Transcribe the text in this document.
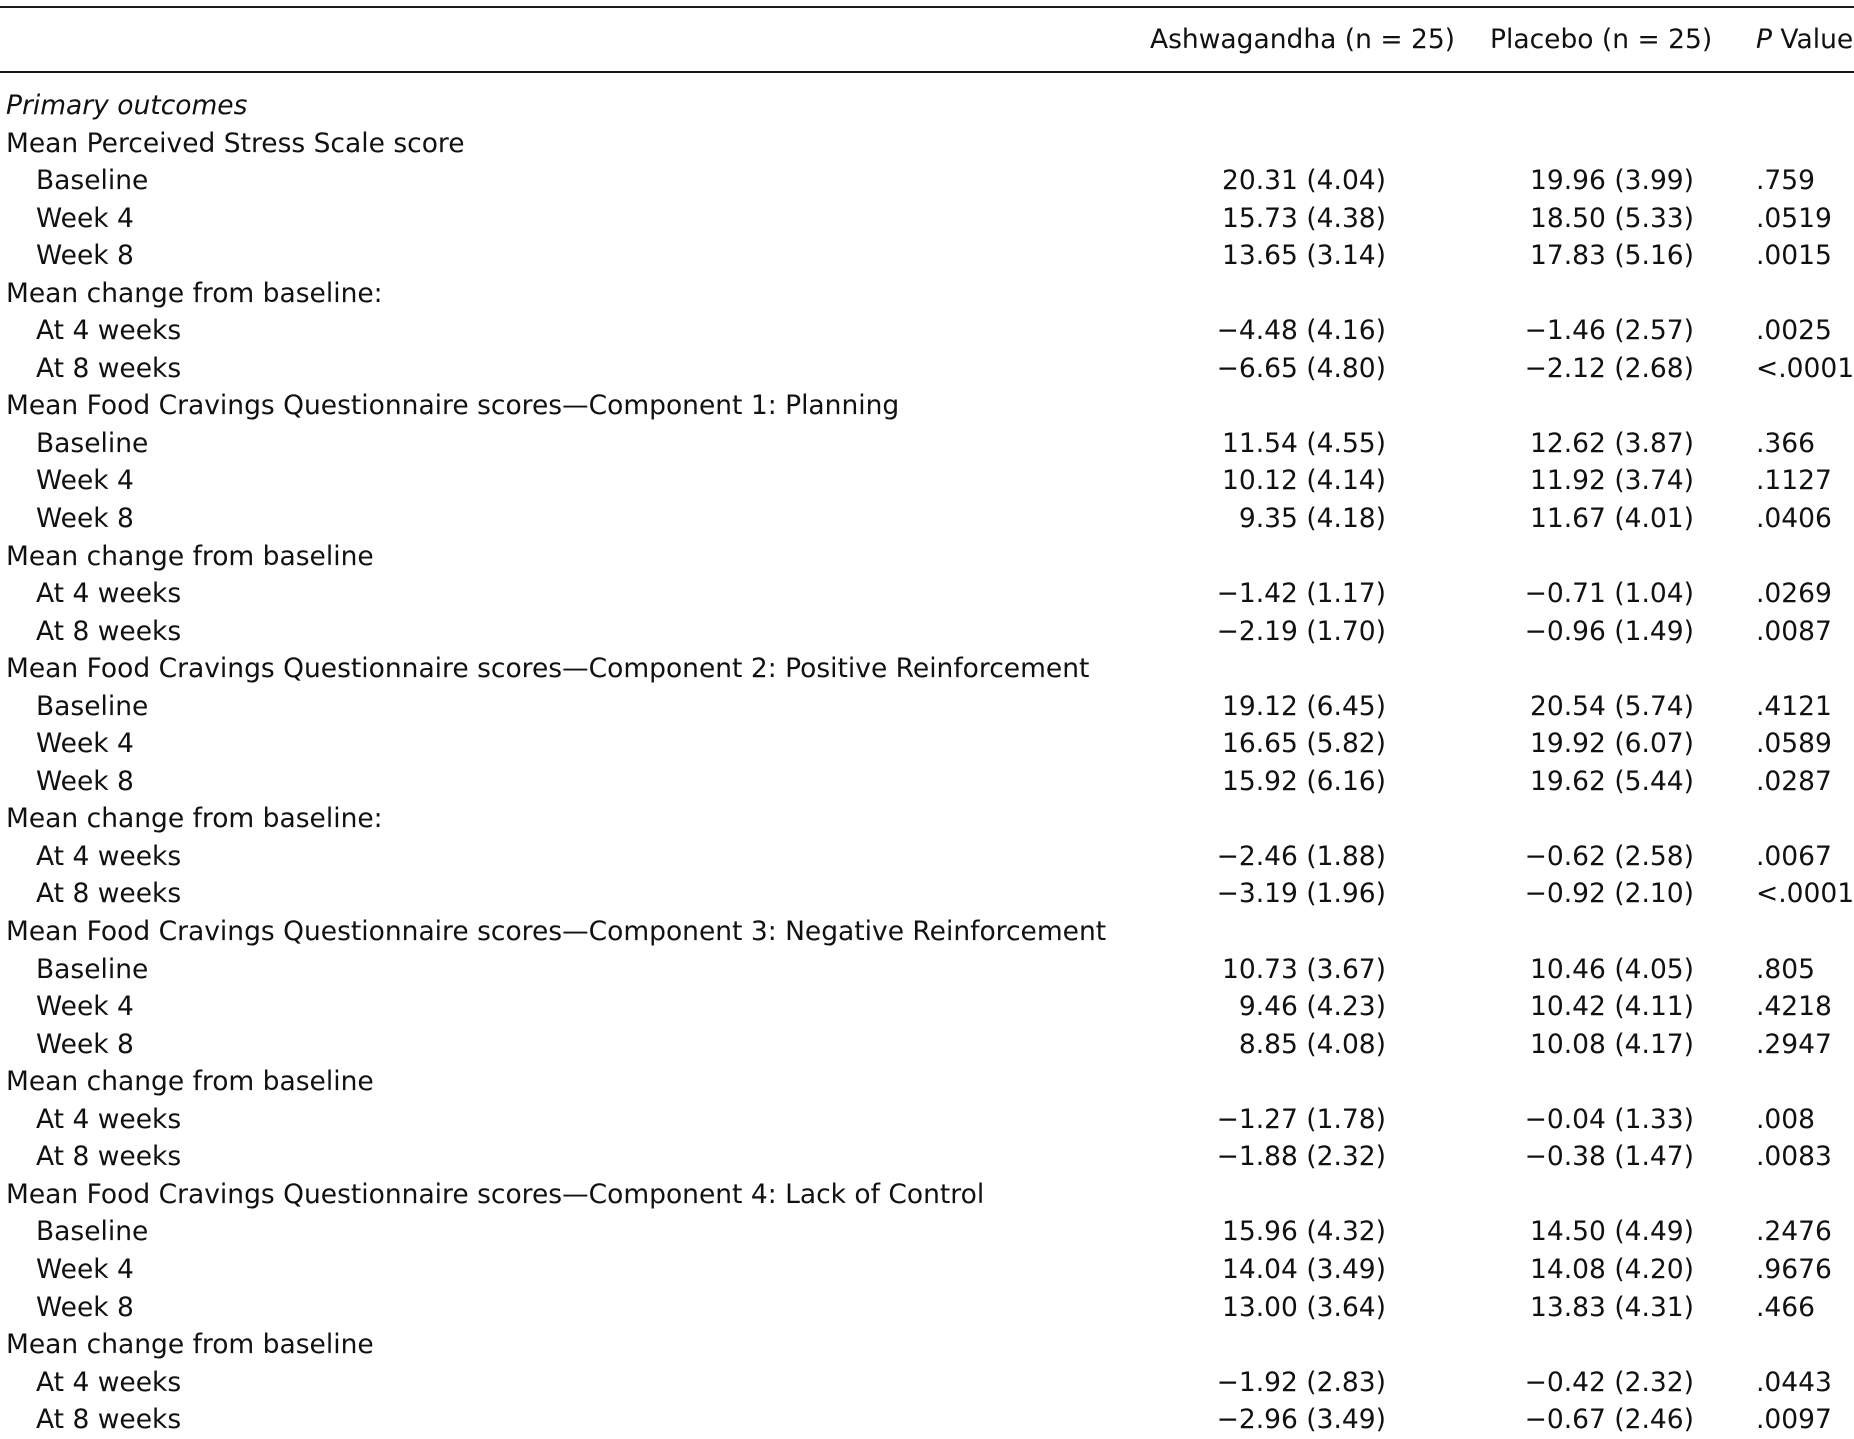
Ashwagandha (n = 25) Placebo (n = 25) P Value
Primary outcomes
Mean Perceived Stress Scale score
Baseline	20.31 (4.04)	19.96 (3.99) .759
Week 4	15.73 (4.38)	18.50 (5.33) .0519
Week 8	13.65 (3.14)	17.83 (5.16) .0015
Mean change from baseline:
At 4 weeks	−4.48 (4.16)	−1.46 (2.57) .0025
At 8 weeks	−6.65 (4.80)	−2.12 (2.68) <.0001
Mean Food Cravings Questionnaire scores—Component 1: Planning
Baseline	11.54 (4.55)	12.62 (3.87) .366
Week 4	10.12 (4.14)	11.92 (3.74) .1127
Week 8	9.35 (4.18)	11.67 (4.01) .0406
Mean change from baseline
At 4 weeks	−1.42 (1.17)	−0.71 (1.04) .0269
At 8 weeks	−2.19 (1.70)	−0.96 (1.49) .0087
Mean Food Cravings Questionnaire scores—Component 2: Positive Reinforcement
Baseline	19.12 (6.45)	20.54 (5.74) .4121
Week 4	16.65 (5.82)	19.92 (6.07) .0589
Week 8	15.92 (6.16)	19.62 (5.44) .0287
Mean change from baseline:
At 4 weeks	−2.46 (1.88)	−0.62 (2.58) .0067
At 8 weeks	−3.19 (1.96)	−0.92 (2.10) <.0001
Mean Food Cravings Questionnaire scores—Component 3: Negative Reinforcement
Baseline	10.73 (3.67)	10.46 (4.05) .805
Week 4	9.46 (4.23)	10.42 (4.11) .4218
Week 8	8.85 (4.08)	10.08 (4.17) .2947
Mean change from baseline
At 4 weeks	−1.27 (1.78)	−0.04 (1.33) .008
At 8 weeks	−1.88 (2.32)	−0.38 (1.47) .0083
Mean Food Cravings Questionnaire scores—Component 4: Lack of Control
Baseline	15.96 (4.32)	14.50 (4.49) .2476
Week 4	14.04 (3.49)	14.08 (4.20) .9676
Week 8	13.00 (3.64)	13.83 (4.31) .466
Mean change from baseline
At 4 weeks	−1.92 (2.83)	−0.42 (2.32) .0443
At 8 weeks	−2.96 (3.49)	−0.67 (2.46) .0097
